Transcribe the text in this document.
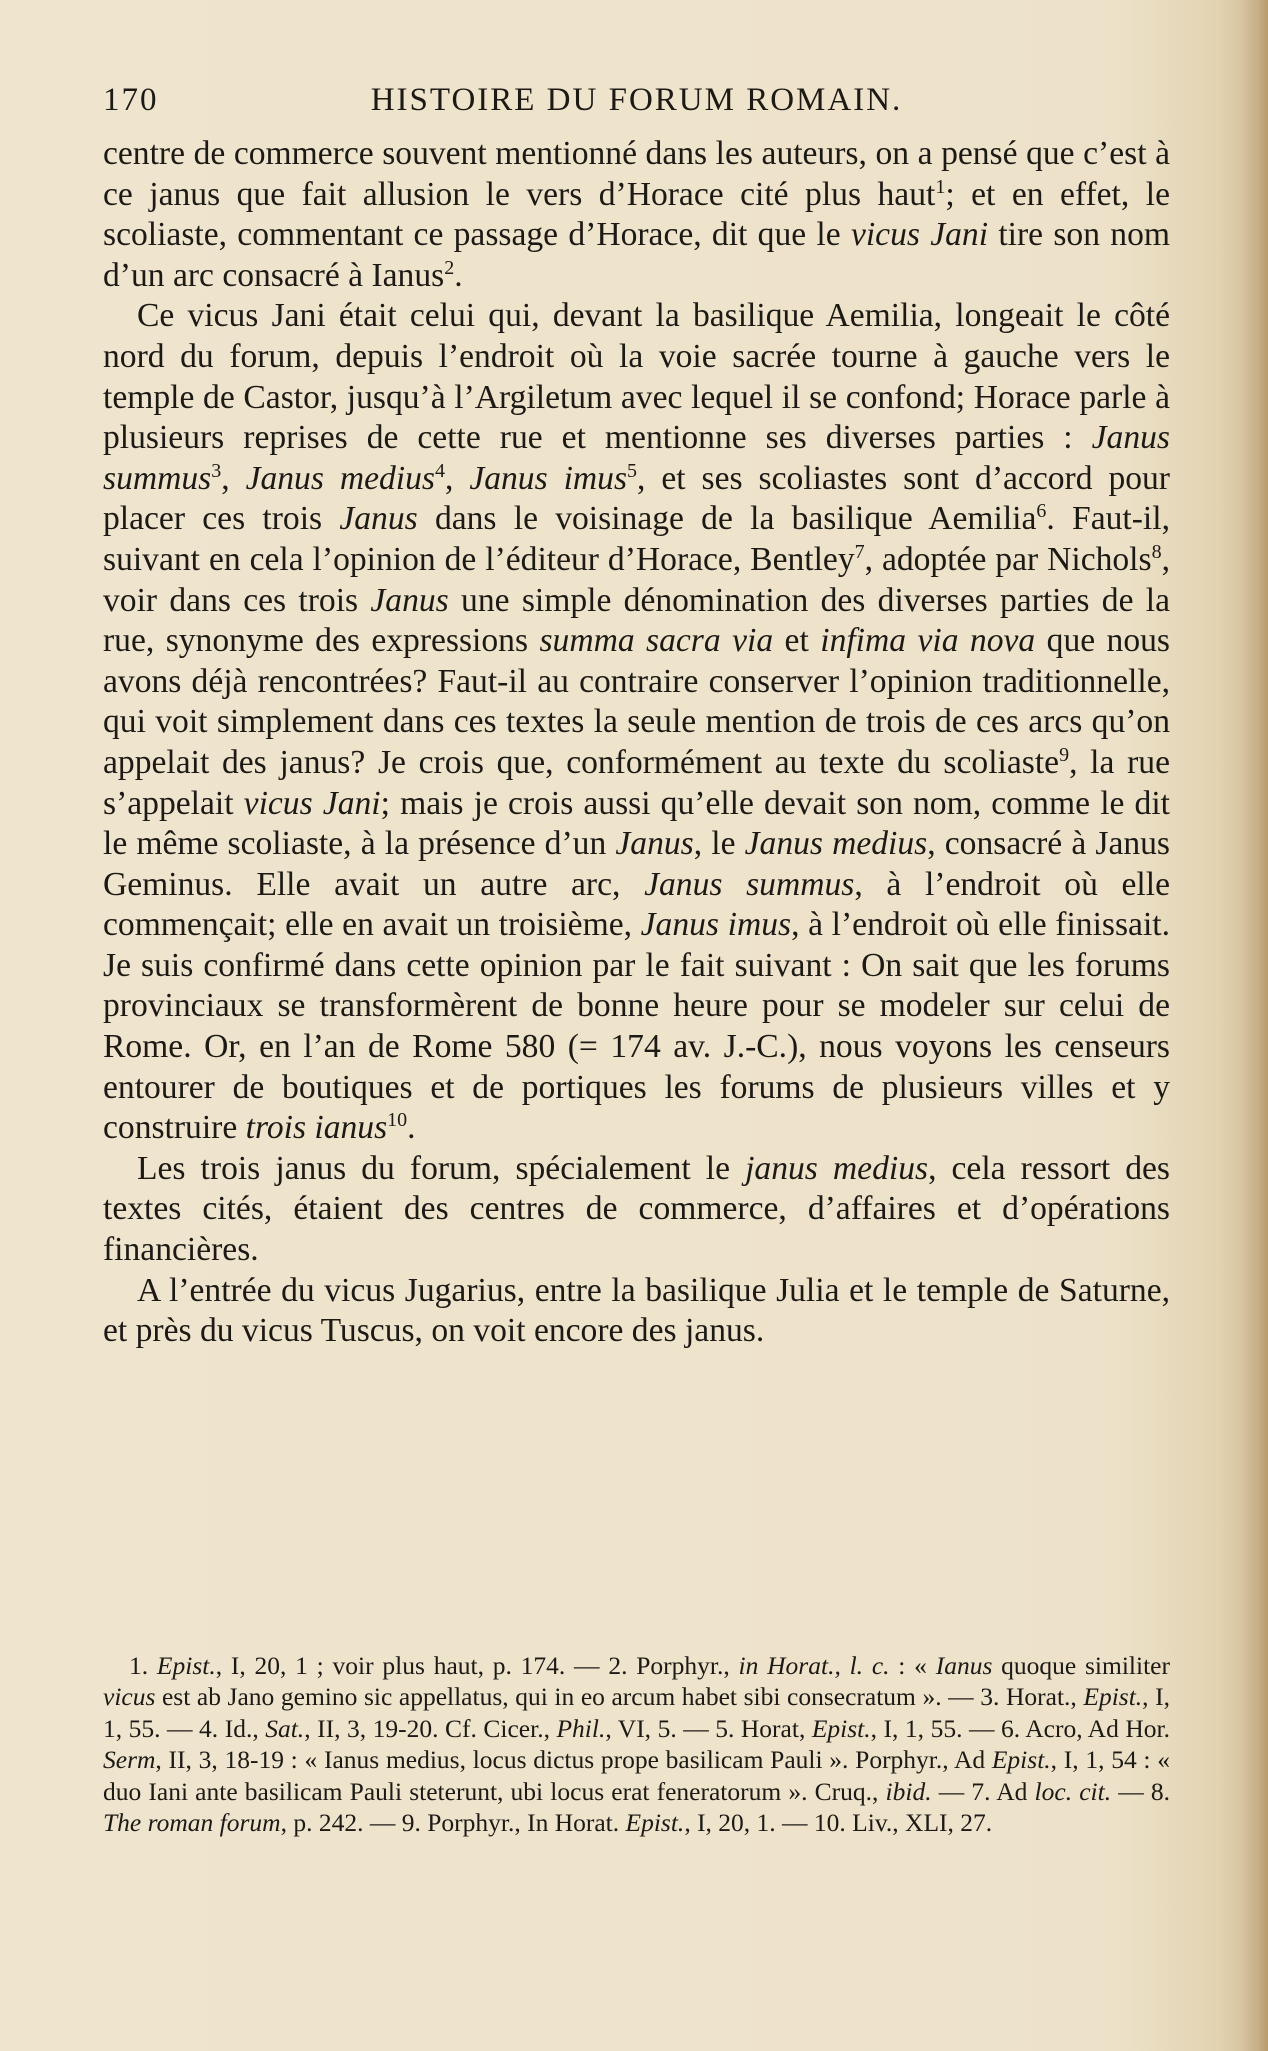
170	HISTOIRE DU FORUM ROMAIN.

centre de commerce souvent mentionné dans les auteurs, on a pensé que c’est à ce janus que fait allusion le vers d’Horace cité plus haut$^1$; et en effet, le scoliaste, commentant ce passage d’Horace, dit que le vicus Jani tire son nom d’un arc consacré à Ianus$^2$.

Ce vicus Jani était celui qui, devant la basilique Aemilia, longeait le côté nord du forum, depuis l’endroit où la voie sacrée tourne à gauche vers le temple de Castor, jusqu’à l’Argiletum avec lequel il se confond; Horace parle à plusieurs reprises de cette rue et mentionne ses diverses parties : Janus summus$^3$, Janus medius$^4$, Janus imus$^5$, et ses scoliastes sont d’accord pour placer ces trois Janus dans le voisinage de la basilique Aemilia$^6$. Faut-il, suivant en cela l’opinion de l’éditeur d’Horace, Bentley$^7$, adoptée par Nichols$^8$, voir dans ces trois Janus une simple dénomination des diverses parties de la rue, synonyme des expressions summa sacra via et infima via nova que nous avons déjà rencontrées? Faut-il au contraire conserver l’opinion traditionnelle, qui voit simplement dans ces textes la seule mention de trois de ces arcs qu’on appelait des janus? Je crois que, conformément au texte du scoliaste$^9$, la rue s’appelait vicus Jani; mais je crois aussi qu’elle devait son nom, comme le dit le même scoliaste, à la présence d’un Janus, le Janus medius, consacré à Janus Geminus. Elle avait un autre arc, Janus summus, à l’endroit où elle commençait; elle en avait un troisième, Janus imus, à l’endroit où elle finissait. Je suis confirmé dans cette opinion par le fait suivant : On sait que les forums provinciaux se transformèrent de bonne heure pour se modeler sur celui de Rome. Or, en l’an de Rome 580 (= 174 av. J.-C.), nous voyons les censeurs entourer de boutiques et de portiques les forums de plusieurs villes et y construire trois ianus$^{10}$.

Les trois janus du forum, spécialement le janus medius, cela ressort des textes cités, étaient des centres de commerce, d’affaires et d’opérations financières.

A l’entrée du vicus Jugarius, entre la basilique Julia et le temple de Saturne, et près du vicus Tuscus, on voit encore des janus.

1. Epist., I, 20, 1 ; voir plus haut, p. 174. — 2. Porphyr., in Horat., l. c. : « Ianus quoque similiter vicus est ab Jano gemino sic appellatus, qui in eo arcum habet sibi consecratum ». — 3. Horat., Epist., I, 1, 55. — 4. Id., Sat., II, 3, 19-20. Cf. Cicer., Phil., VI, 5. — 5. Horat, Epist., I, 1, 55. — 6. Acro, Ad Hor. Serm, II, 3, 18-19 : « Ianus medius, locus dictus prope basilicam Pauli ». Porphyr., Ad Epist., I, 1, 54 : « duo Iani ante basilicam Pauli steterunt, ubi locus erat feneratorum ». Cruq., ibid. — 7. Ad loc. cit. — 8. The roman forum, p. 242. — 9. Porphyr., In Horat. Epist., I, 20, 1. — 10. Liv., XLI, 27.
